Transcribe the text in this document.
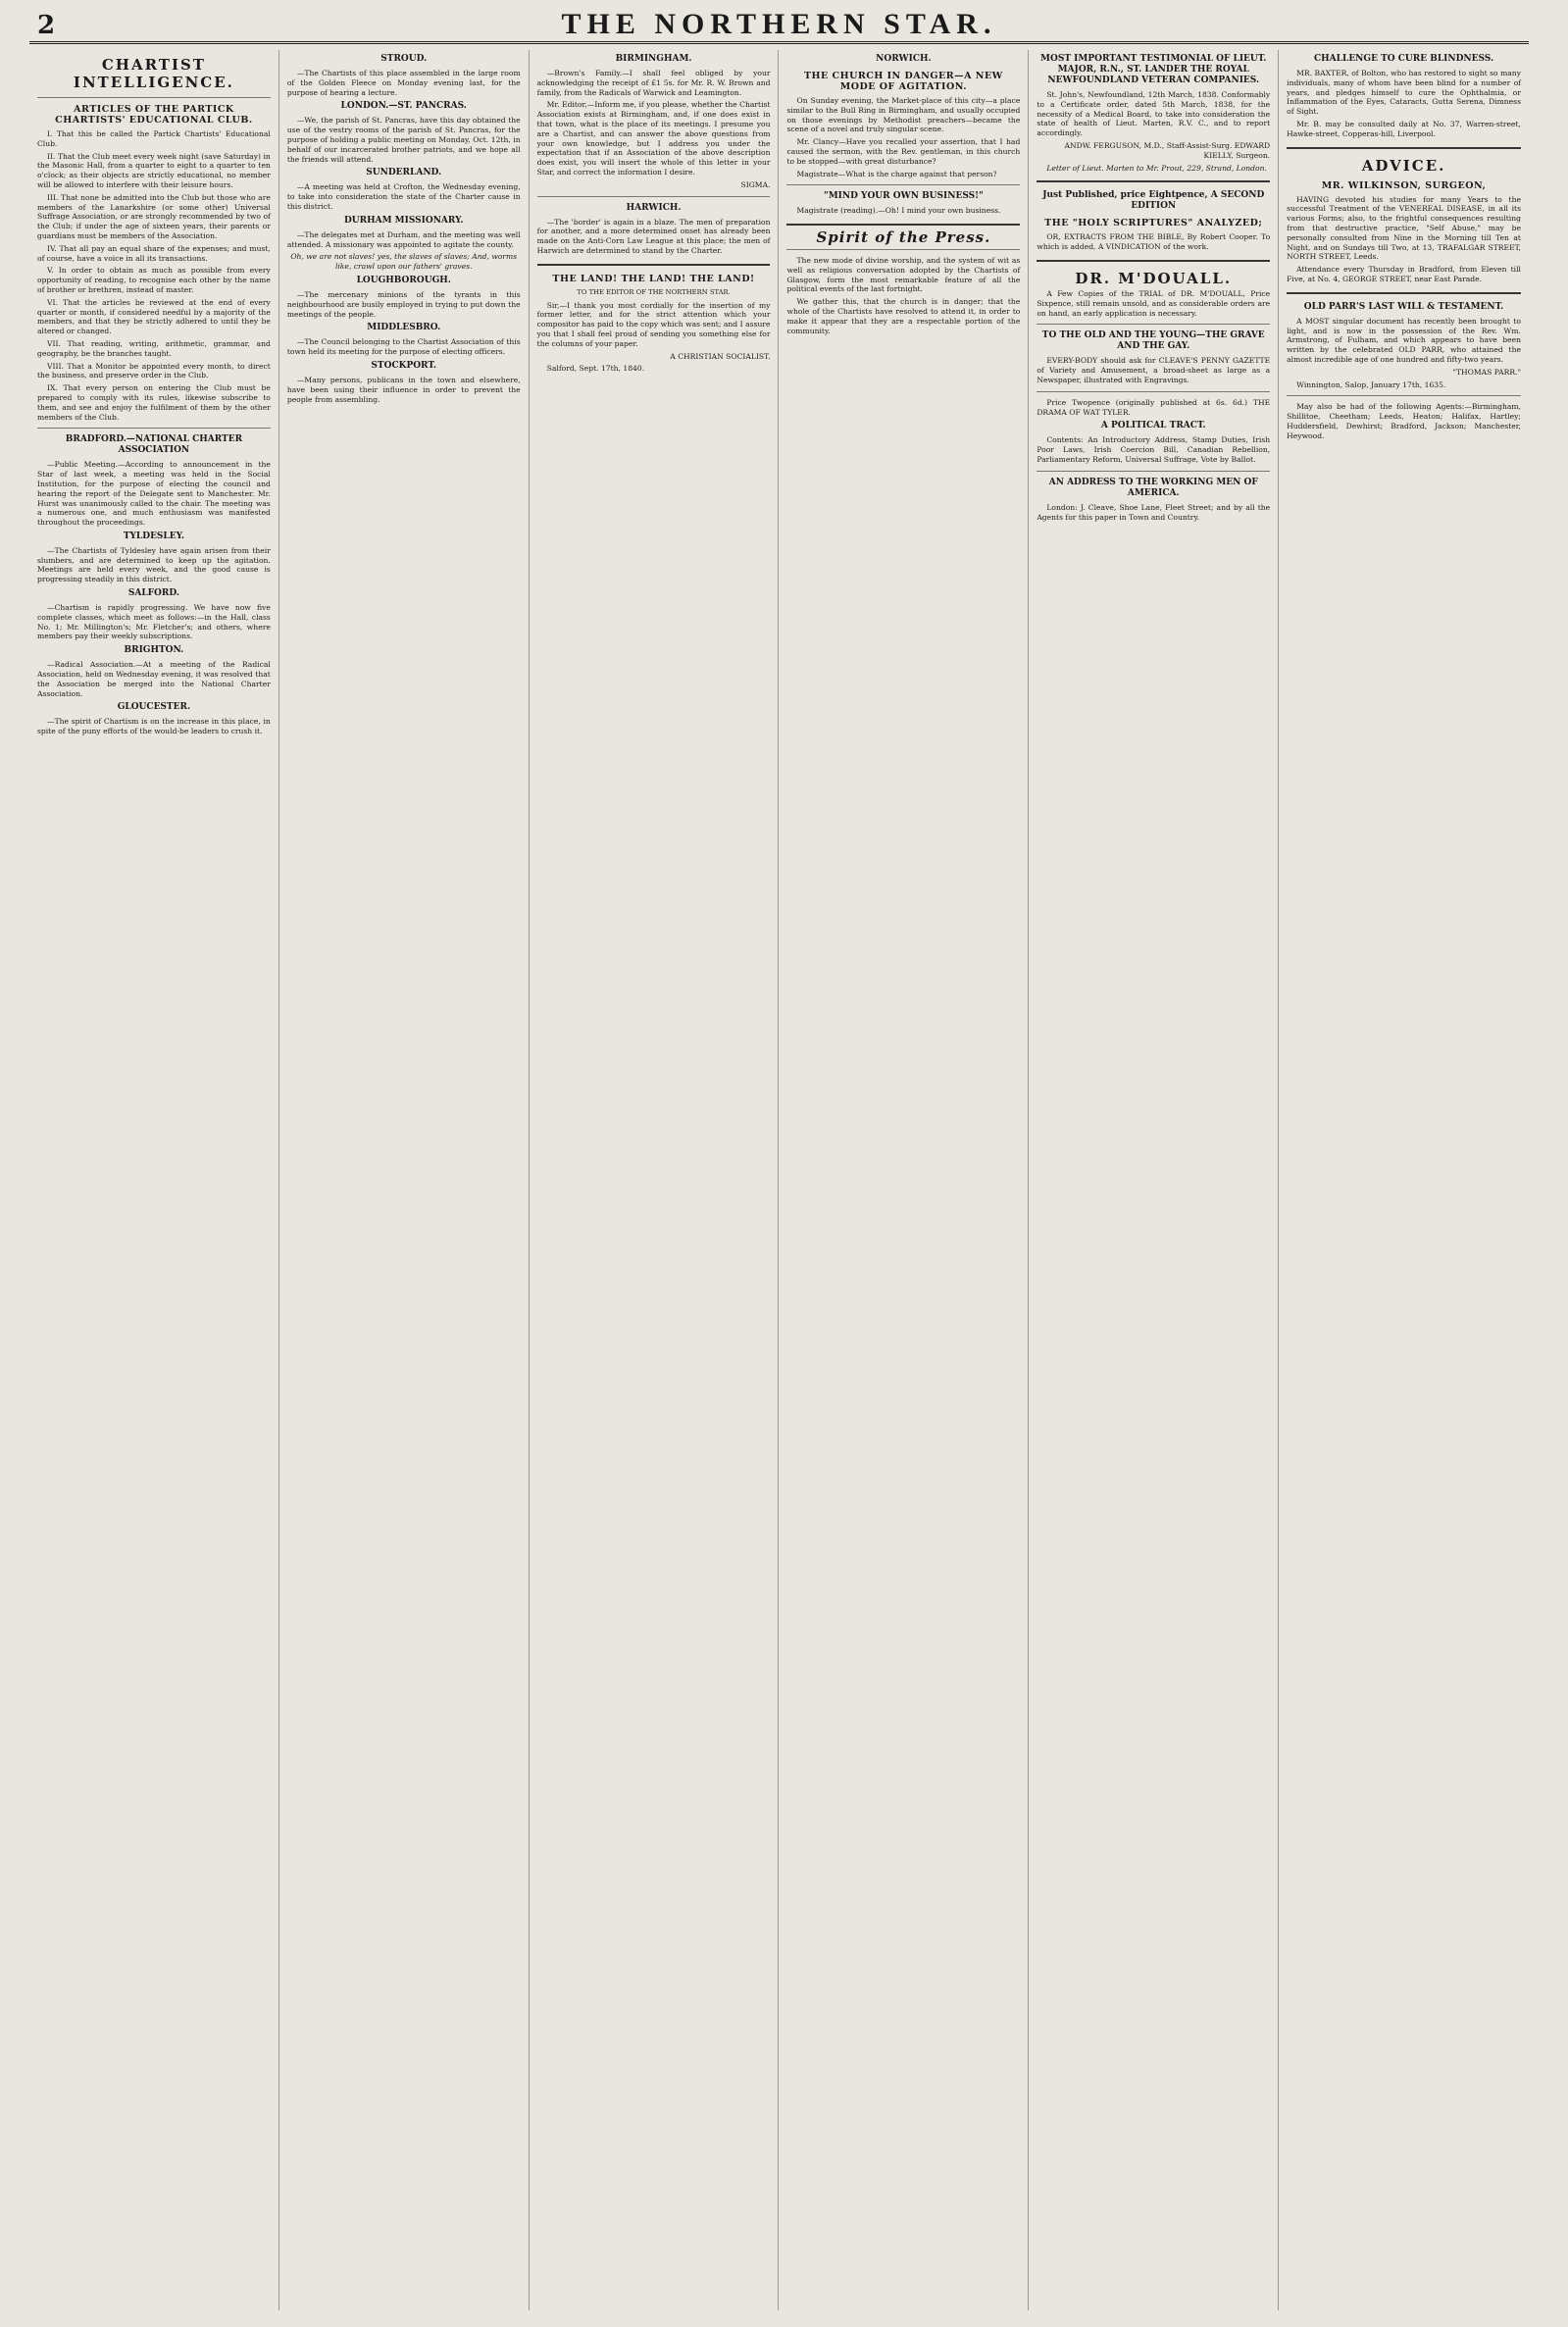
2	THE NORTHERN STAR.
CHARTIST INTELLIGENCE.
ARTICLES OF THE PARTICK CHARTISTS' EDUCATIONAL CLUB.

I. That this be called the Partick Chartists' Educational Club.

II. That the Club meet every week night (save Saturday) in the Masonic Hall, from a quarter to eight to a quarter to ten o'clock; as their objects are strictly educational, no member will be allowed to interfere with their leisure hours.

III. That none be admitted into the Club but those who are members of the Lanarkshire (or some other) Universal Suffrage Association, or are strongly recommended by two of the Club; if under the age of sixteen years, their parents or guardians must be members of the Association.

IV. That all pay an equal share of the expenses; and must, of course, have a voice in all its transactions.

V. In order to obtain as much as possible from every opportunity of reading, to recognise each other by the name of brother or brethren, instead of master.

VI. That the articles be reviewed at the end of every quarter or month, if considered needful by a majority of the members, and that they be strictly adhered to until they be altered or changed.

VII. That reading, writing, arithmetic, grammar, and geography, be the branches taught.

VIII. That a Monitor be appointed every month, to direct the business, and preserve order in the Club.

IX. That every person on entering the Club must be prepared to comply with its rules, likewise subscribe to them, and see and enjoy the fulfilment of them by the other members of the Club.

BRADFORD.—NATIONAL CHARTER ASSOCIATION

—Public Meeting.—According to announcement in the Star of last week, a meeting was held in the Social Institution, for the purpose of electing the council and hearing the report of the Delegate sent to Manchester. Mr. Hurst was unanimously called to the chair. The meeting was a numerous one, and much enthusiasm was manifested throughout the proceedings.

TYLDESLEY.

—The Chartists of Tyldesley have again arisen from their slumbers, and are determined to keep up the agitation. Meetings are held every week, and the good cause is progressing steadily in this district.

SALFORD.

—Chartism is rapidly progressing. We have now five complete classes, which meet as follows:—in the Hall, class No. 1; Mr. Millington's; Mr. Fletcher's; and others, where members pay their weekly subscriptions.

BRIGHTON.

—Radical Association.—At a meeting of the Radical Association, held on Wednesday evening, it was resolved that the Association be merged into the National Charter Association.

GLOUCESTER.

—The spirit of Chartism is on the increase in this place, in spite of the puny efforts of the would-be leaders to crush it.

STROUD.

—The Chartists of this place assembled in the large room of the Golden Fleece on Monday evening last, for the purpose of hearing a lecture.

LONDON.—ST. PANCRAS.

—We, the parish of St. Pancras, have this day obtained the use of the vestry rooms of the parish of St. Pancras, for the purpose of holding a public meeting on Monday, Oct. 12th, in behalf of our incarcerated brother patriots, and we hope all the friends will attend.

SUNDERLAND.

—A meeting was held at Crofton, the Wednesday evening, to take into consideration the state of the Charter cause in this district.

DURHAM MISSIONARY.

—The delegates met at Durham, and the meeting was well attended. A missionary was appointed to agitate the county.

Oh, we are not slaves! yes, the slaves of slaves; And, worms like, crawl upon our fathers' graves.

LOUGHBOROUGH.

—The mercenary minions of the tyrants in this neighbourhood are busily employed in trying to put down the meetings of the people.

MIDDLESBRO.

—The Council belonging to the Chartist Association of this town held its meeting for the purpose of electing officers.

STOCKPORT.

—Many persons, publicans in the town and elsewhere, have been using their influence in order to prevent the people from assembling.

BIRMINGHAM.

—Brown's Family.—I shall feel obliged by your acknowledging the receipt of £1 5s. for Mr. R. W. Brown and family, from the Radicals of Warwick and Leamington.

Mr. Editor,—Inform me, if you please, whether the Chartist Association exists at Birmingham, and, if one does exist in that town, what is the place of its meetings. I presume you are a Chartist, and can answer the above questions from your own knowledge, but I address you under the expectation that if an Association of the above description does exist, you will insert the whole of this letter in your Star, and correct the information I desire.

SIGMA.

HARWICH.

—The 'border' is again in a blaze. The men of preparation for another, and a more determined onset has already been made on the Anti-Corn Law League at this place; the men of Harwich are determined to stand by the Charter.

THE LAND! THE LAND! THE LAND!

TO THE EDITOR OF THE NORTHERN STAR.

Sir,—I thank you most cordially for the insertion of my former letter, and for the strict attention which your compositor has paid to the copy which was sent; and I assure you that I shall feel proud of sending you something else for the columns of your paper.

A CHRISTIAN SOCIALIST.

Salford, Sept. 17th, 1840.

NORWICH.
THE CHURCH IN DANGER—A NEW MODE OF AGITATION.

On Sunday evening, the Market-place of this city—a place similar to the Bull Ring in Birmingham, and usually occupied on those evenings by Methodist preachers—became the scene of a novel and truly singular scene.

Mr. Clancy—Have you recalled your assertion, that I had caused the sermon, with the Rev. gentleman, in this church to be stopped—with great disturbance?

Magistrate—What is the charge against that person?

"MIND YOUR OWN BUSINESS!"

Magistrate (reading).—Oh! I mind your own business.

Spirit of the Press.

The new mode of divine worship, and the system of wit as well as religious conversation adopted by the Chartists of Glasgow, form the most remarkable feature of all the political events of the last fortnight.

We gather this, that the church is in danger; that the whole of the Chartists have resolved to attend it, in order to make it appear that they are a respectable portion of the community.

MOST IMPORTANT TESTIMONIAL OF LIEUT. MAJOR, R.N., ST. LANDER THE ROYAL NEWFOUNDLAND VETERAN COMPANIES.

St. John's, Newfoundland, 12th March, 1838. Conformably to a Certificate order, dated 5th March, 1838, for the necessity of a Medical Board, to take into consideration the state of health of Lieut. Marten, R.V. C., and to report accordingly.

ANDW. FERGUSON, M.D., Staff-Assist-Surg. EDWARD KIELLY, Surgeon.

Letter of Lieut. Marten to Mr. Prout, 229, Strand, London.

Just Published, price Eightpence, A SECOND EDITION
THE "HOLY SCRIPTURES" ANALYZED;

OR, EXTRACTS FROM THE BIBLE, By Robert Cooper. To which is added, A VINDICATION of the work.

DR. M'DOUALL.

A Few Copies of the TRIAL of DR. M'DOUALL, Price Sixpence, still remain unsold, and as considerable orders are on hand, an early application is necessary.

TO THE OLD AND THE YOUNG—THE GRAVE AND THE GAY.

EVERY-BODY should ask for CLEAVE'S PENNY GAZETTE of Variety and Amusement, a broad-sheet as large as a Newspaper, illustrated with Engravings.

Price Twopence (originally published at 6s. 6d.) THE DRAMA OF WAT TYLER.

A POLITICAL TRACT.

Contents: An Introductory Address, Stamp Duties, Irish Poor Laws, Irish Coercion Bill, Canadian Rebellion, Parliamentary Reform, Universal Suffrage, Vote by Ballot.

AN ADDRESS TO THE WORKING MEN OF AMERICA.

London: J. Cleave, Shoe Lane, Fleet Street; and by all the Agents for this paper in Town and Country.

CHALLENGE TO CURE BLINDNESS.

MR. BAXTER, of Bolton, who has restored to sight so many individuals, many of whom have been blind for a number of years, and pledges himself to cure the Ophthalmia, or Inflammation of the Eyes, Cataracts, Gutta Serena, Dimness of Sight.

Mr. B. may be consulted daily at No. 37, Warren-street, Hawke-street, Copperas-hill, Liverpool.

ADVICE.
MR. WILKINSON, SURGEON,

HAVING devoted his studies for many Years to the successful Treatment of the VENEREAL DISEASE, in all its various Forms; also, to the frightful consequences resulting from that destructive practice, "Self Abuse," may be personally consulted from Nine in the Morning till Ten at Night, and on Sundays till Two, at 13, TRAFALGAR STREET, NORTH STREET, Leeds.

Attendance every Thursday in Bradford, from Eleven till Five, at No. 4, GEORGE STREET, near East Parade.

OLD PARR'S LAST WILL & TESTAMENT.

A MOST singular document has recently been brought to light, and is now in the possession of the Rev. Wm. Armstrong, of Fulham, and which appears to have been written by the celebrated OLD PARR, who attained the almost incredible age of one hundred and fifty-two years.

"THOMAS PARR."

Winnington, Salop, January 17th, 1635.

May also be had of the following Agents:—Birmingham, Shillitoe, Cheetham; Leeds, Heaton; Halifax, Hartley; Huddersfield, Dewhirst; Bradford, Jackson; Manchester, Heywood.
